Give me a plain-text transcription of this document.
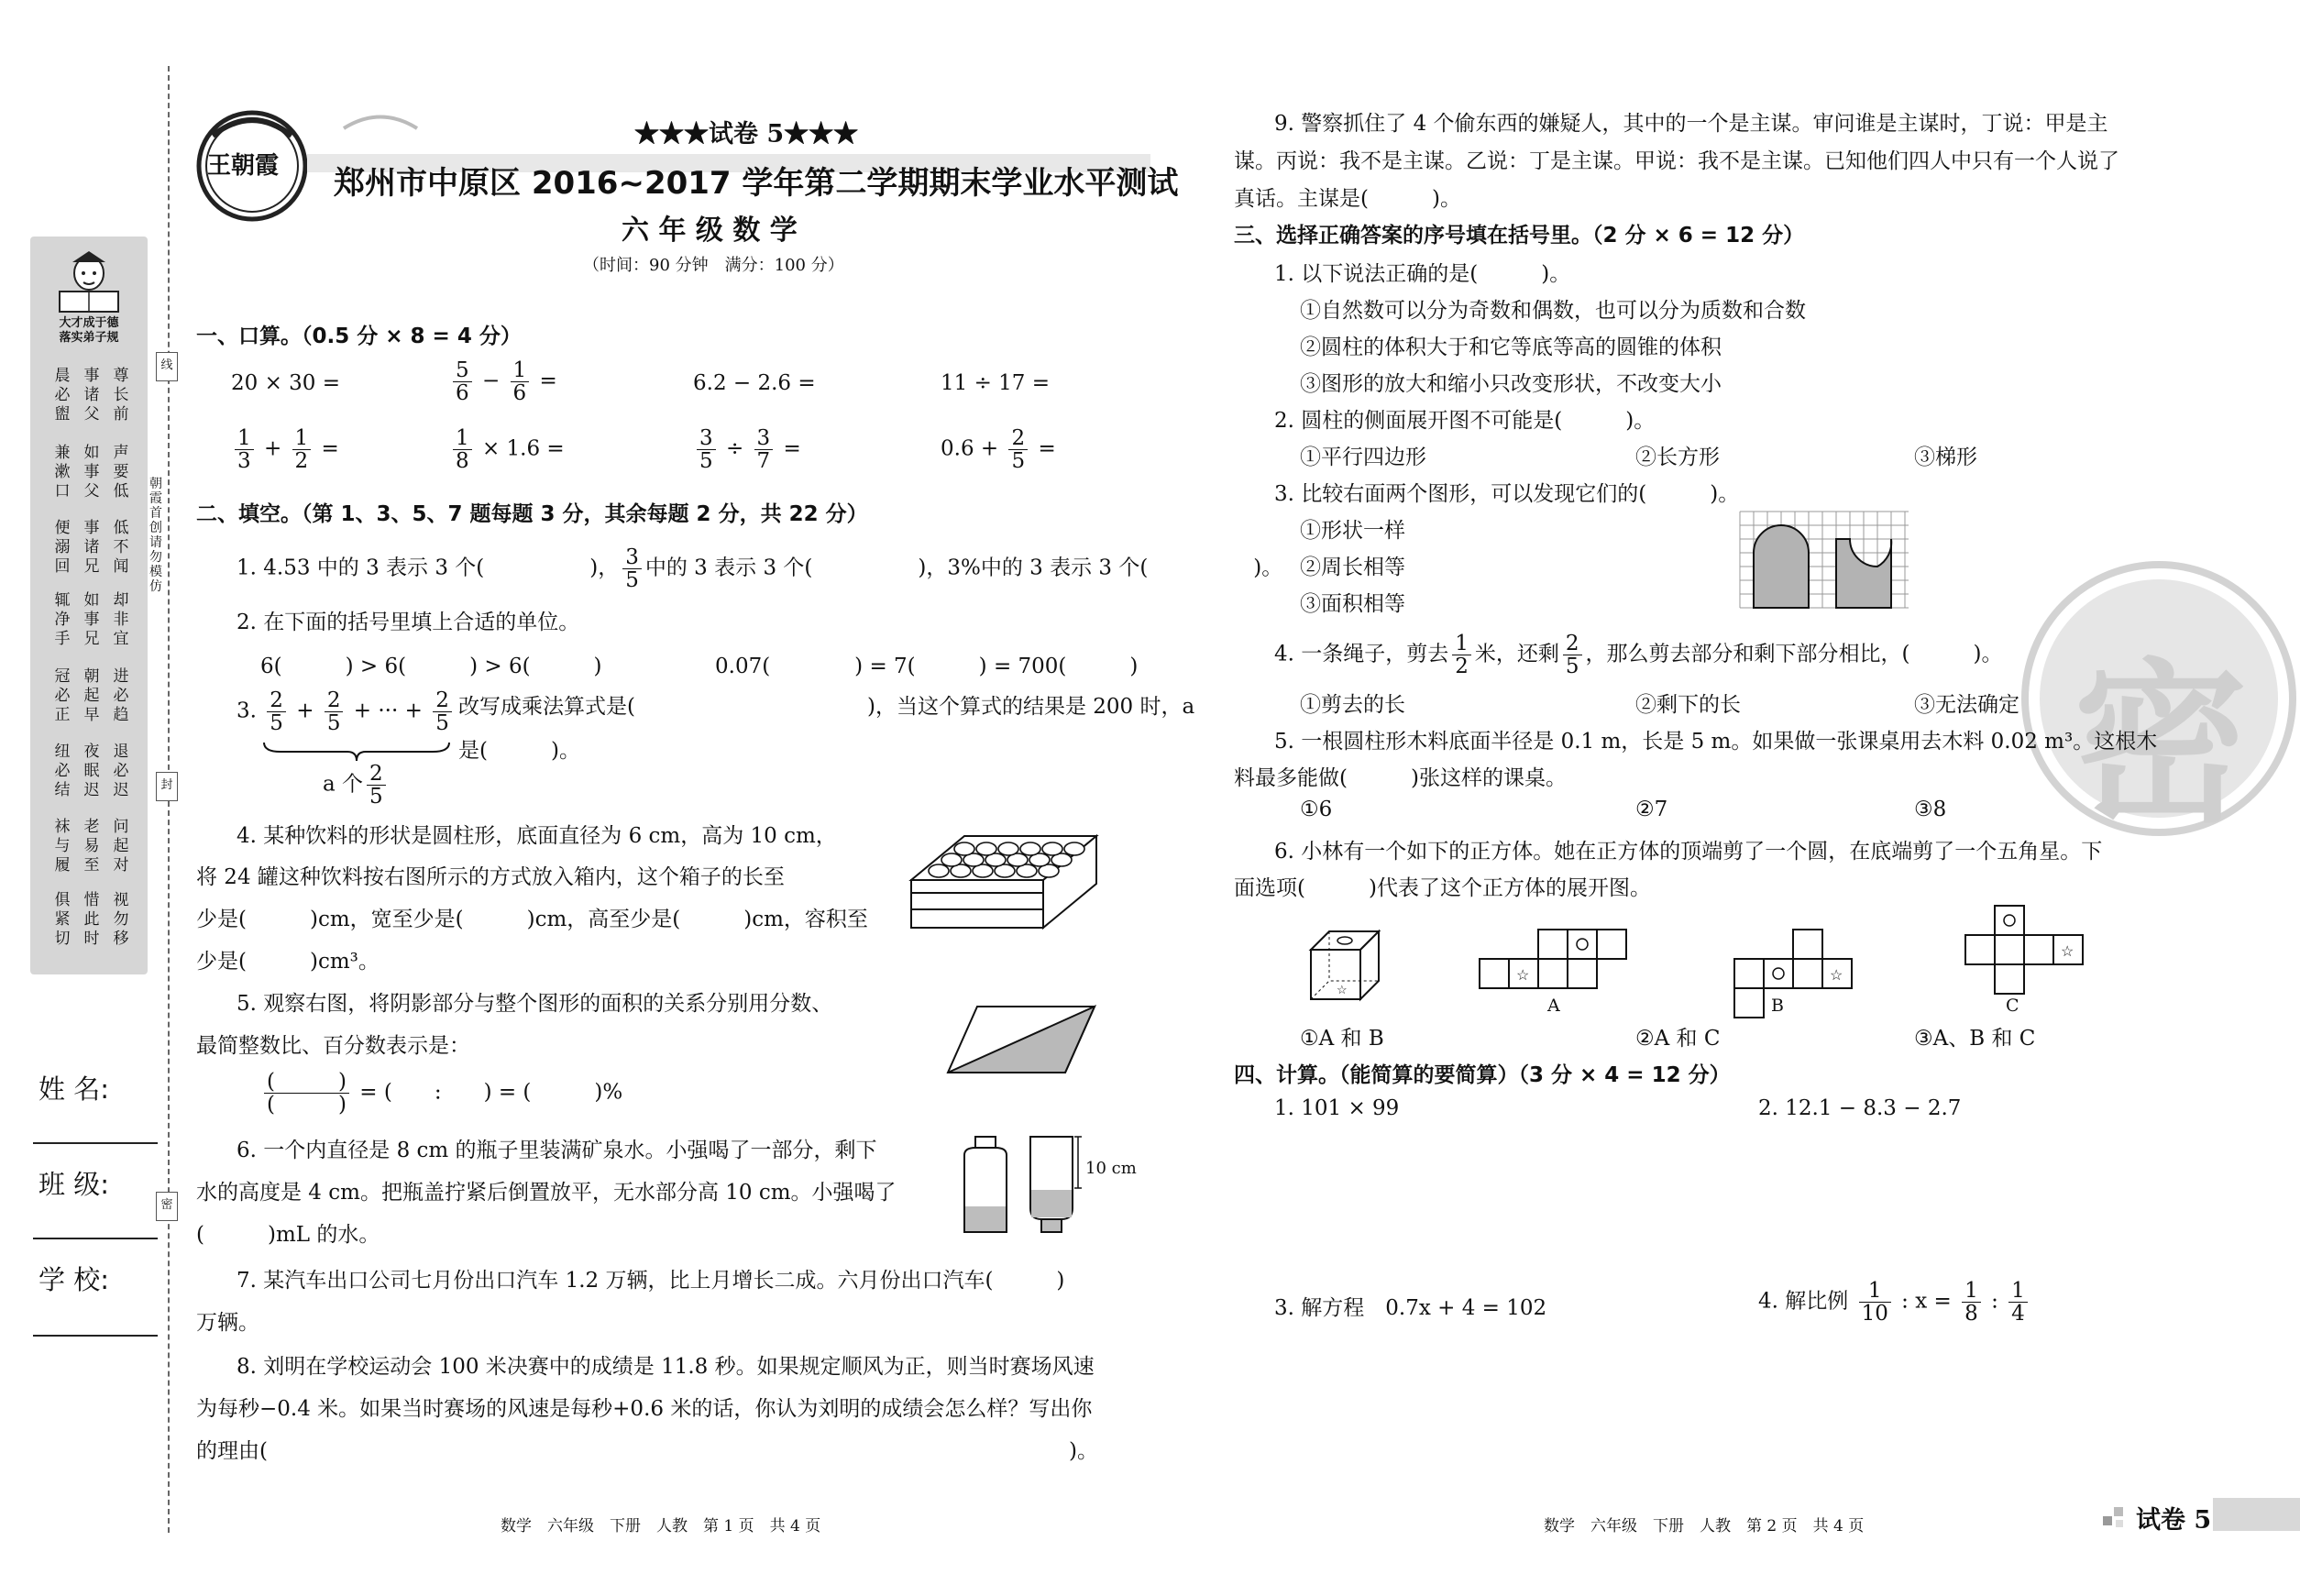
大才成于德
落实弟子规
晨必盥
事诸父
尊长前
兼漱口
如事父
声要低
便溺回
事诸兄
低不闻
辄净手
如事兄
却非宜
冠必正
朝起早
进必趋
纽必结
夜眠迟
退必迟
袜与履
老易至
问起对
俱紧切
惜此时
视勿移
线
封
密
朝霞首创　请勿模仿
姓 名:
班 级:
学 校:
王朝霞
★★★试卷 5★★★
郑州市中原区 2016~2017 学年第二学期期末学业水平测试
六 年 级 数 学
（时间：90 分钟　满分：100 分）
一、口算。（0.5 分 × 8 = 4 分）
20 × 30 =	$\frac{5}{6} - \frac{1}{6}$ =	6.2 − 2.6 =	11 ÷ 17 =
$\frac{1}{3} + \frac{1}{2}$ =	$\frac{1}{8} \times 1.6$ =	$\frac{3}{5} \div \frac{3}{7}$ =	$0.6 + \frac{2}{5}$ =
二、填空。（第 1、3、5、7 题每题 3 分，其余每题 2 分，共 22 分）
1. 4.53 中的 3 表示 3 个(　　　　　)， $\frac{3}{5}$ 中的 3 表示 3 个(　　　　　)，3%中的 3 表示 3 个(　　　　　)。
2. 在下面的括号里填上合适的单位。
6(　　　) > 6(　　　) > 6(　　　)	0.07(　　　　) = 7(　　　) = 700(　　　)
3. $\frac{2}{5} + \frac{2}{5}$ + ··· + $\frac{2}{5}$ 改写成乘法算式是(　　　　　　　　　　　)，当这个算式的结果是 200 时，a
是(　　　)。
a 个 $\frac{2}{5}$
4. 某种饮料的形状是圆柱形，底面直径为 6 cm，高为 10 cm，
将 24 罐这种饮料按右图所示的方式放入箱内，这个箱子的长至
少是(　　　)cm，宽至少是(　　　)cm，高至少是(　　　)cm，容积至
少是(　　　)cm³。
5. 观察右图，将阴影部分与整个图形的面积的关系分别用分数、
最简整数比、百分数表示是：
$\frac{( )}{( )}$ = (　　:　　) = (　　　)%
6. 一个内直径是 8 cm 的瓶子里装满矿泉水。小强喝了一部分，剩下
水的高度是 4 cm。把瓶盖拧紧后倒置放平，无水部分高 10 cm。小强喝了
(　　　)mL 的水。
10 cm
7. 某汽车出口公司七月份出口汽车 1.2 万辆，比上月增长二成。六月份出口汽车(　　　)
万辆。
8. 刘明在学校运动会 100 米决赛中的成绩是 11.8 秒。如果规定顺风为正，则当时赛场风速
为每秒−0.4 米。如果当时赛场的风速是每秒+0.6 米的话，你认为刘明的成绩会怎么样？写出你
的理由(　　　　　　　　　　　　　　　　　　　　　　　　　　　　　　　　　　　　　　)。
数学　六年级　下册　人教　第 1 页　共 4 页
密
9. 警察抓住了 4 个偷东西的嫌疑人，其中的一个是主谋。审问谁是主谋时，丁说：甲是主
谋。丙说：我不是主谋。乙说：丁是主谋。甲说：我不是主谋。已知他们四人中只有一个人说了
真话。主谋是(　　　)。
三、选择正确答案的序号填在括号里。（2 分 × 6 = 12 分）
1. 以下说法正确的是(　　　)。
①自然数可以分为奇数和偶数，也可以分为质数和合数
②圆柱的体积大于和它等底等高的圆锥的体积
③图形的放大和缩小只改变形状，不改变大小
2. 圆柱的侧面展开图不可能是(　　　)。
①平行四边形	②长方形	③梯形
3. 比较右面两个图形，可以发现它们的(　　　)。
①形状一样
②周长相等
③面积相等
4. 一条绳子，剪去 $\frac{1}{2}$ 米，还剩 $\frac{2}{5}$ ，那么剪去部分和剩下部分相比，(　　　)。
①剪去的长	②剩下的长	③无法确定
5. 一根圆柱形木料底面半径是 0.1 m，长是 5 m。如果做一张课桌用去木料 0.02 m³。这根木
料最多能做(　　　)张这样的课桌。
①6	②7	③8
6. 小林有一个如下的正方体。她在正方体的顶端剪了一个圆，在底端剪了一个五角星。下
面选项(　　　)代表了这个正方体的展开图。
☆
☆
A
☆
B
☆
C
①A 和 B	②A 和 C	③A、B 和 C
四、计算。（能简算的要简算）（3 分 × 4 = 12 分）
1. 101 × 99	2. 12.1 − 8.3 − 2.7
3. 解方程　0.7x + 4 = 102	4. 解比例 $\frac{1}{10}$ : $x = \frac{1}{8}$ : $\frac{1}{4}$
数学　六年级　下册　人教　第 2 页　共 4 页	试卷 5
